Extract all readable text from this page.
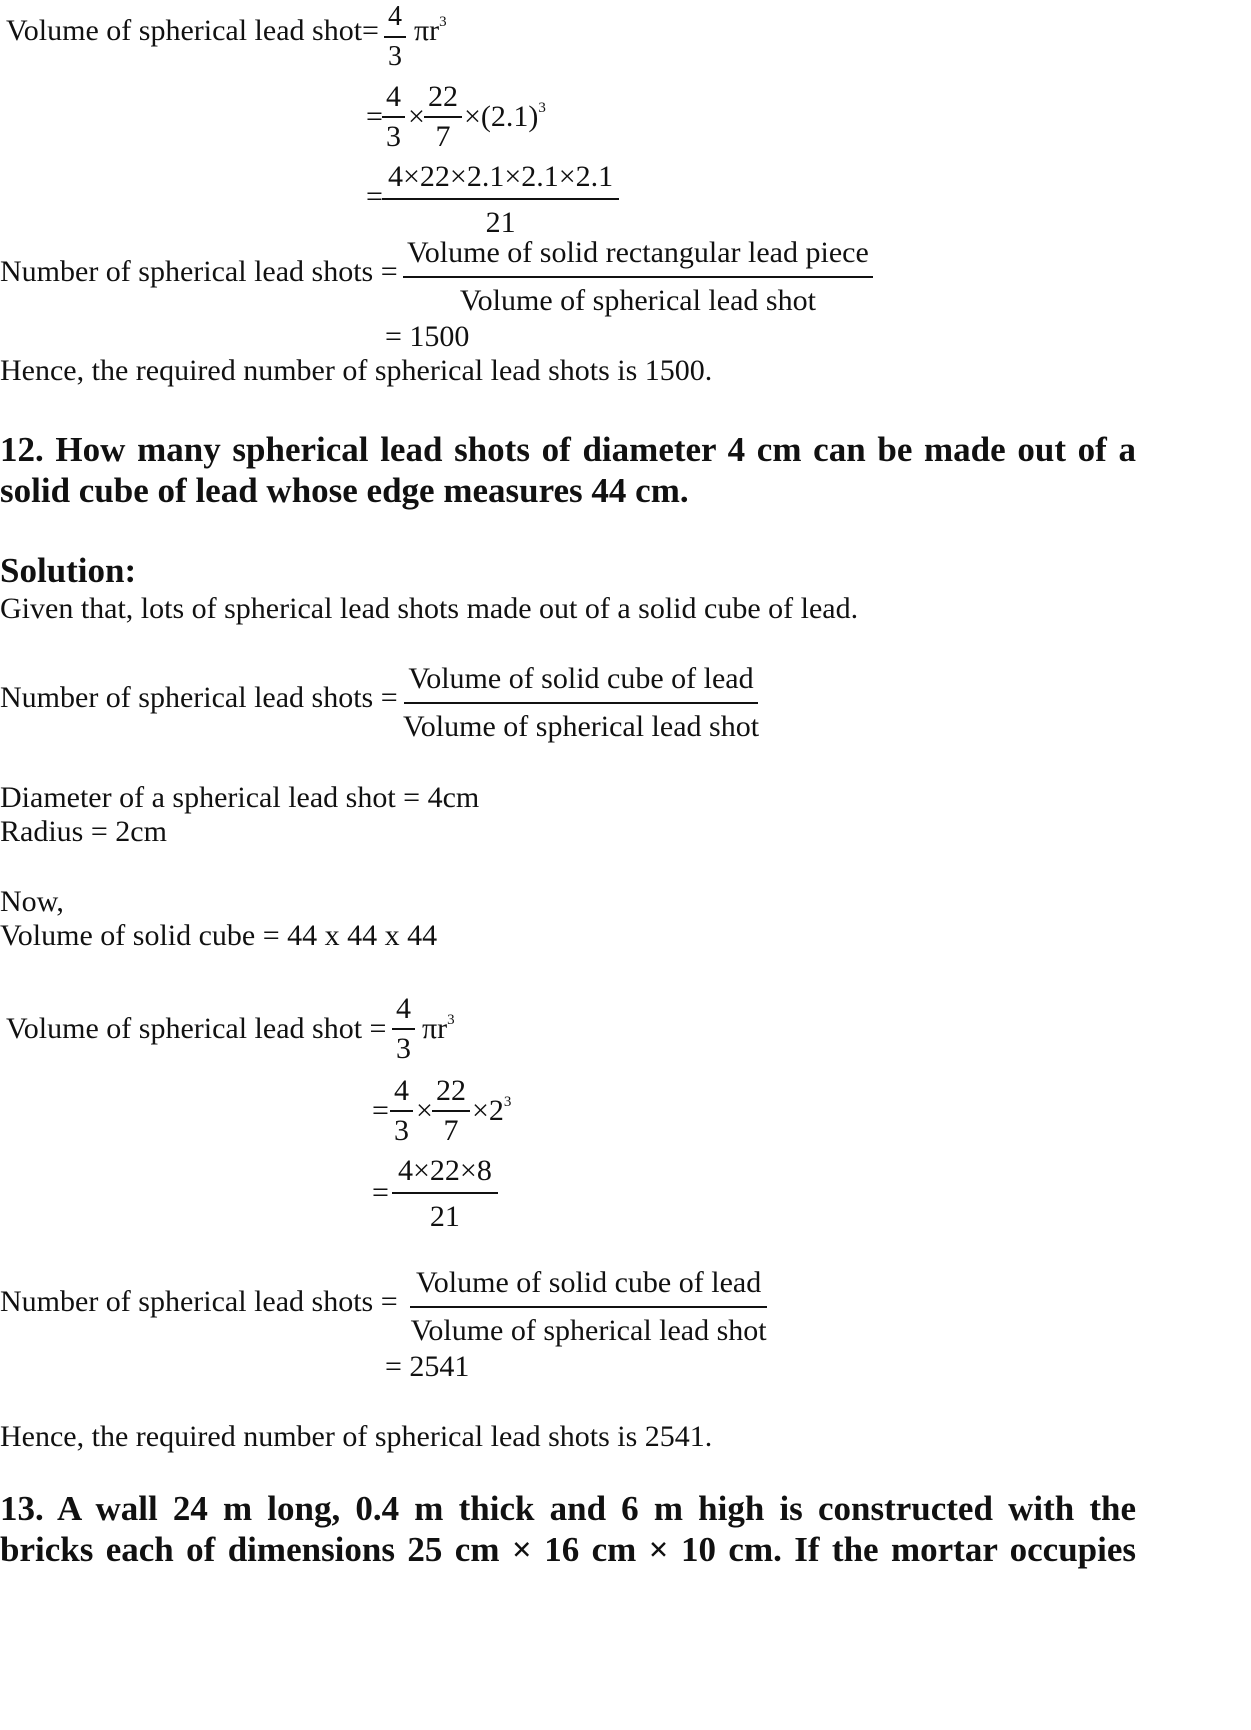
Volume of spherical lead shot= $\frac{4}{3} \pi r^3$
= $\frac{4}{3} \times \frac{22}{7} \times(2.1)^3$
= $\frac{4\times 22\times 2.1\times 2.1\times 2.1}{21}$
Number of spherical lead shots =
Volume of solid rectangular lead piece
Volume of spherical lead shot
= 1500
Hence, the required number of spherical lead shots is 1500.
12. How many spherical lead shots of diameter 4 cm can be made out of a
solid cube of lead whose edge measures 44 cm.
Solution:
Given that, lots of spherical lead shots made out of a solid cube of lead.
Number of spherical lead shots =
Volume of solid cube of lead
Volume of spherical lead shot
Diameter of a spherical lead shot = 4cm
Radius = 2cm
Now,
Volume of solid cube = 44 x 44 x 44
Volume of spherical lead shot = $\frac{4}{3} \pi r^3$
= $\frac{4}{3} \times \frac{22}{7} \times 2^3$
= $\frac{4\times 22\times 8}{21}$
Number of spherical lead shots =
Volume of solid cube of lead
Volume of spherical lead shot
= 2541
Hence, the required number of spherical lead shots is 2541.
13. A wall 24 m long, 0.4 m thick and 6 m high is constructed with the
bricks each of dimensions 25 cm × 16 cm × 10 cm. If the mortar occupies
